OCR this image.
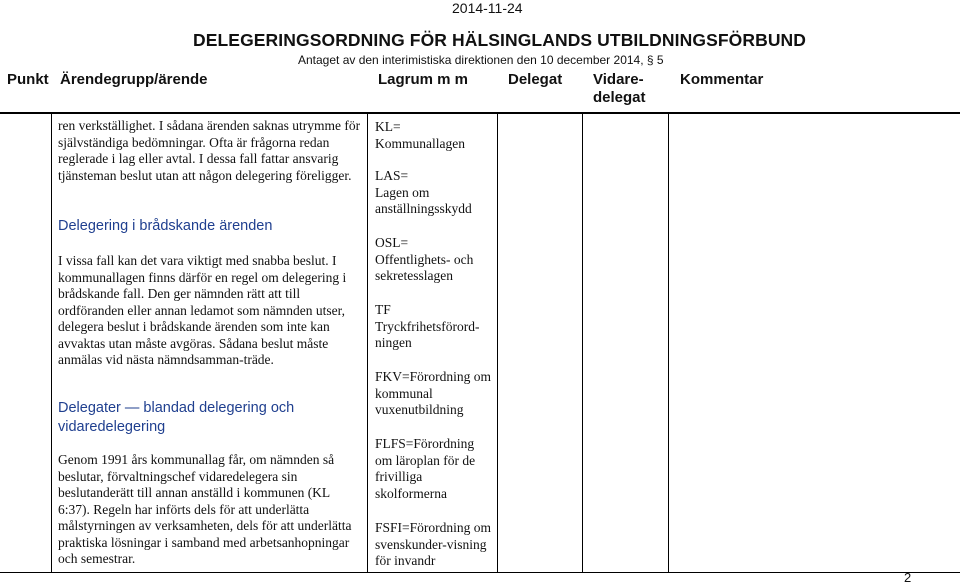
2014-11-24
DELEGERINGSORDNING FÖR HÄLSINGLANDS UTBILDNINGSFÖRBUND
Antaget av den interimistiska direktionen den 10 december 2014, § 5
Punkt Ärendegrupp/ärende	Lagrum m m	Delegat Vidare-
delegat
Kommentar

ren verkställighet. I sådana ärenden saknas utrymme för självständiga bedömningar. Ofta är frågorna redan reglerade i lag eller avtal. I dessa fall fattar ansvarig tjänsteman beslut utan att någon delegering föreligger.

Delegering i brådskande ärenden

I vissa fall kan det vara viktigt med snabba beslut. I kommunallagen finns därför en regel om delegering i brådskande fall. Den ger nämnden rätt att till ordföranden eller annan ledamot som nämnden utser, delegera beslut i brådskande ärenden som inte kan avvaktas utan måste avgöras. Sådana beslut måste anmälas vid nästa nämndsamman-träde.

Delegater — blandad delegering och vidaredelegering

Genom 1991 års kommunallag får, om nämnden så beslutar, förvaltningschef vidaredelegera sin beslutanderätt till annan anställd i kommunen (KL 6:37). Regeln har införts dels för att underlätta målstyrningen av verksamheten, dels för att underlätta praktiska lösningar i samband med arbetsanhopningar och semestrar.

KL=
Kommunallagen
LAS=
Lagen om anställningsskydd
OSL=
Offentlighets- och sekretesslagen
TF
Tryckfrihetsförord-ningen
FKV=Förordning om kommunal vuxenutbildning
FLFS=Förordning om läroplan för de frivilliga skolformerna
FSFI=Förordning om svenskunder-visning för invandr
2
